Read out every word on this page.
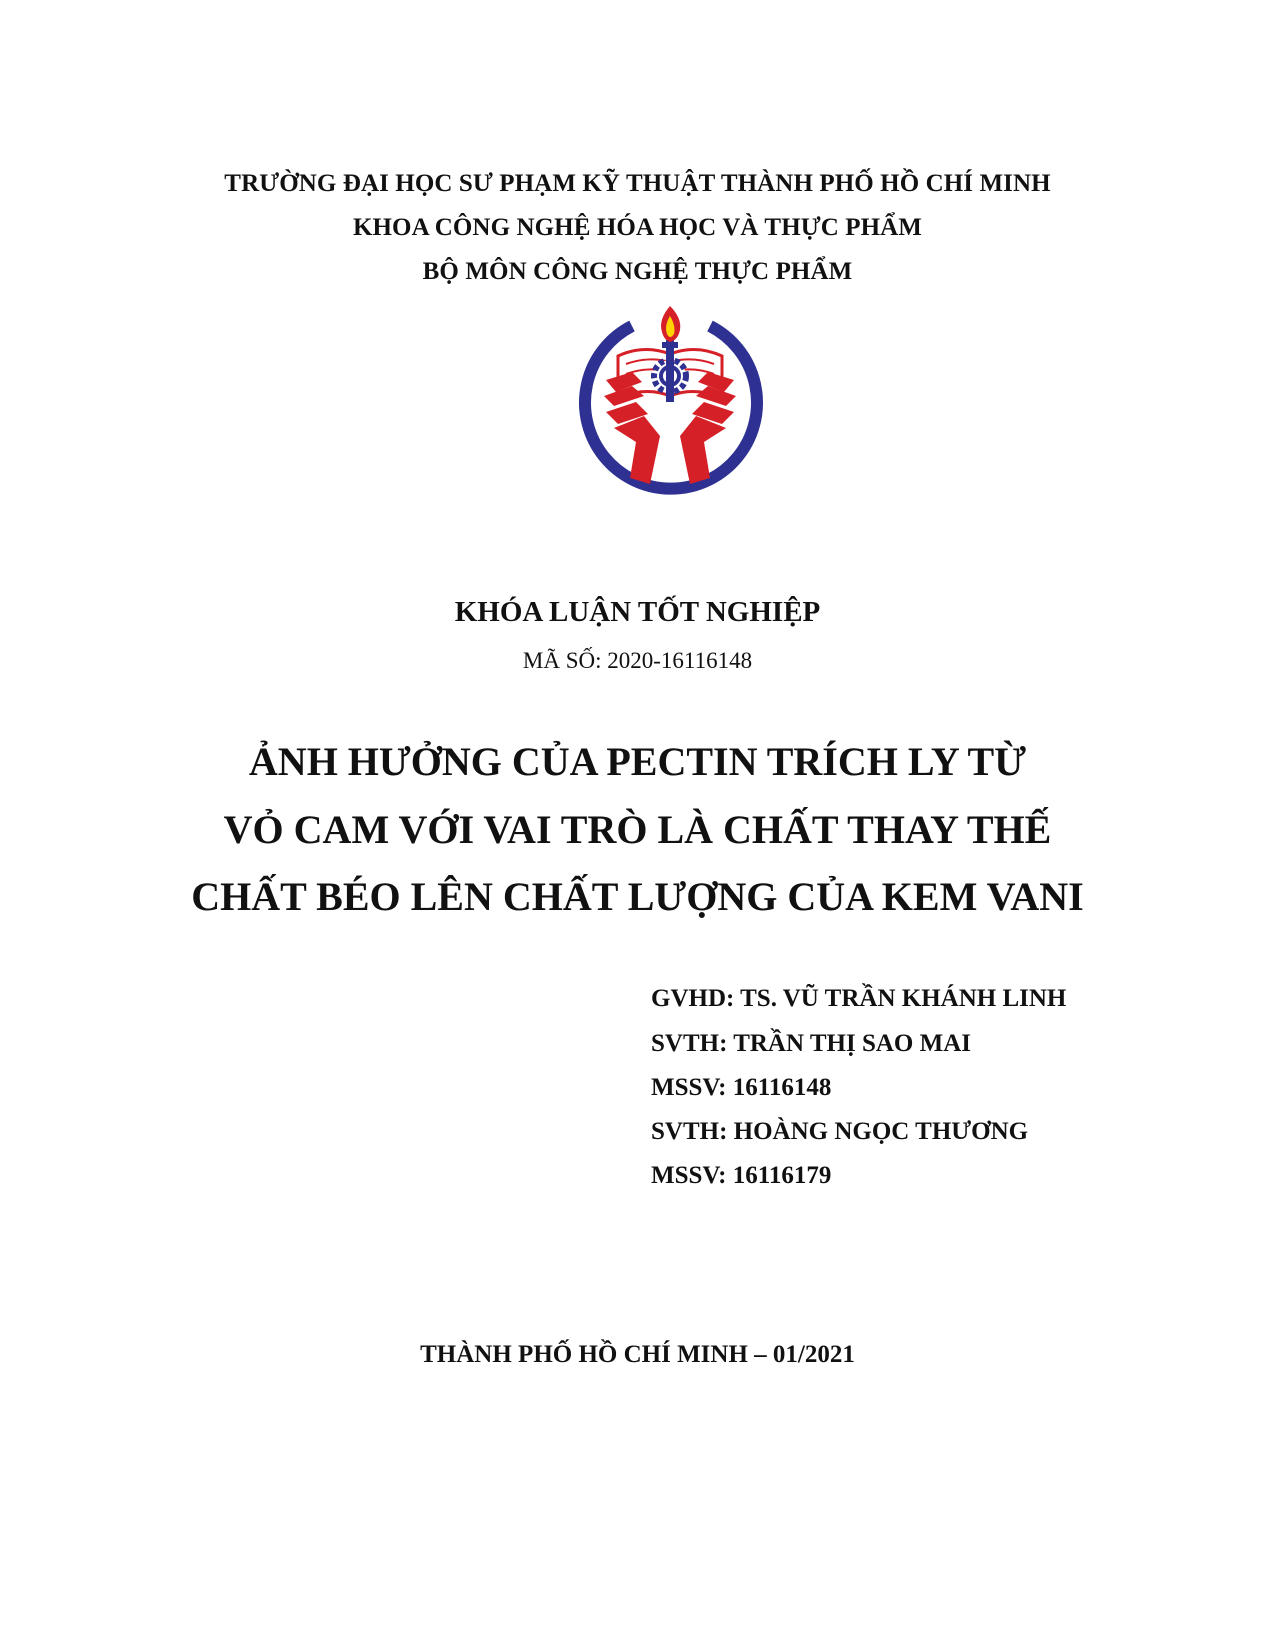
TRƯỜNG ĐẠI HỌC SƯ PHẠM KỸ THUẬT THÀNH PHỐ HỒ CHÍ MINH
KHOA CÔNG NGHỆ HÓA HỌC VÀ THỰC PHẨM
BỘ MÔN CÔNG NGHỆ THỰC PHẨM
KHÓA LUẬN TỐT NGHIỆP
MÃ SỐ: 2020-16116148
ẢNH HƯỞNG CỦA PECTIN TRÍCH LY TỪ
VỎ CAM VỚI VAI TRÒ LÀ CHẤT THAY THẾ
CHẤT BÉO LÊN CHẤT LƯỢNG CỦA KEM VANI
GVHD: TS. VŨ TRẦN KHÁNH LINH
SVTH: TRẦN THỊ SAO MAI
MSSV: 16116148
SVTH: HOÀNG NGỌC THƯƠNG
MSSV: 16116179
THÀNH PHỐ HỒ CHÍ MINH – 01/2021
